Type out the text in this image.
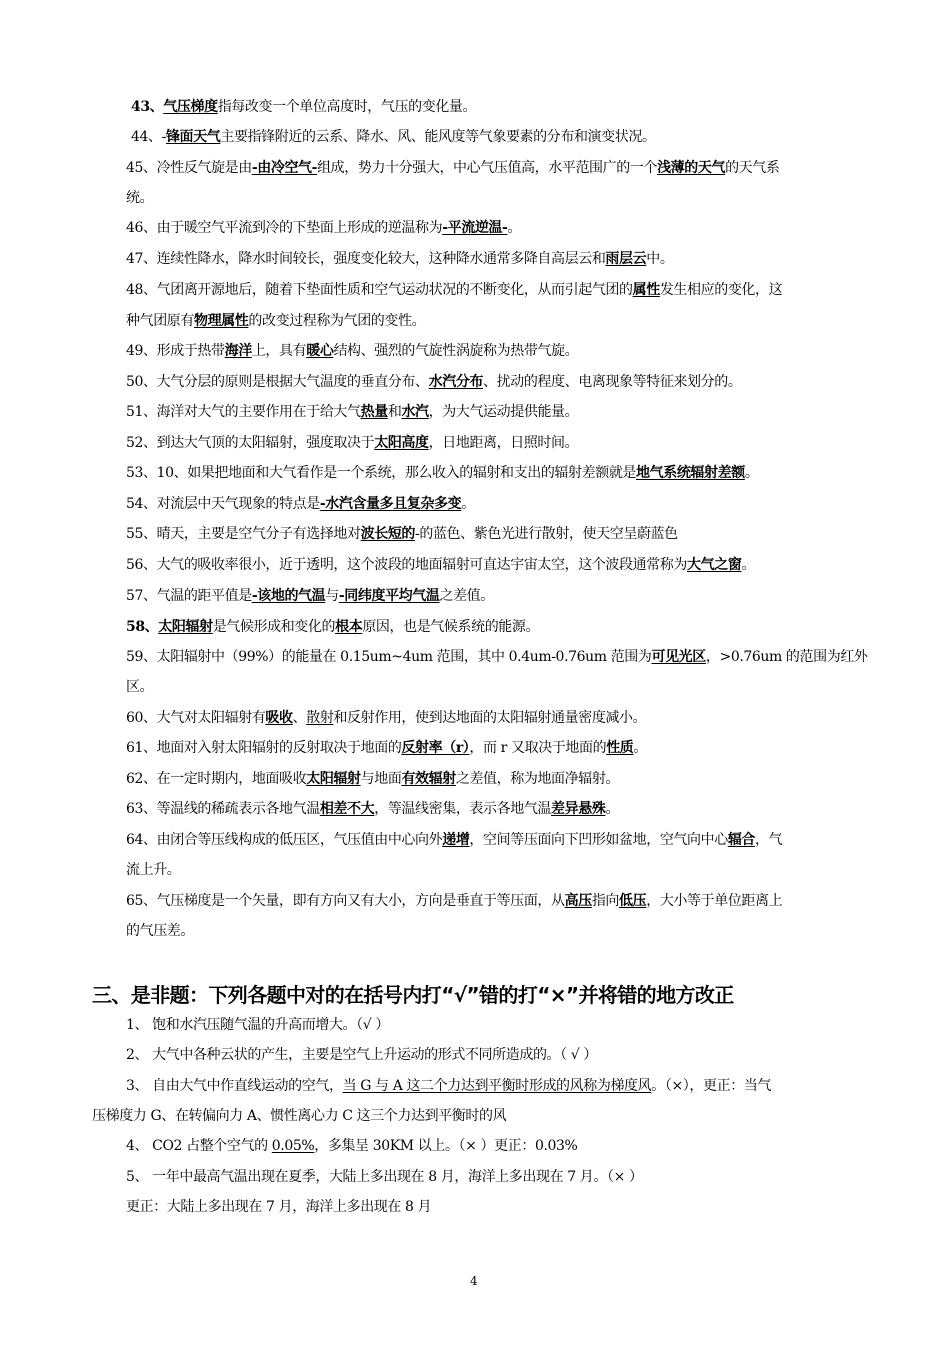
43、气压梯度指每改变一个单位高度时，气压的变化量。
44、-锋面天气主要指锋附近的云系、降水、风、能风度等气象要素的分布和演变状况。
45、冷性反气旋是由-由冷空气-组成，势力十分强大，中心气压值高，水平范围广的一个浅薄的天气的天气系
统。
46、由于暖空气平流到冷的下垫面上形成的逆温称为-平流逆温-。
47、连续性降水，降水时间较长，强度变化较大，这种降水通常多降自高层云和雨层云中。
48、气团离开源地后，随着下垫面性质和空气运动状况的不断变化，从而引起气团的属性发生相应的变化，这
种气团原有物理属性的改变过程称为气团的变性。
49、形成于热带海洋上，具有暖心结构、强烈的气旋性涡旋称为热带气旋。
50、大气分层的原则是根据大气温度的垂直分布、水汽分布、扰动的程度、电离现象等特征来划分的。
51、海洋对大气的主要作用在于给大气热量和水汽，为大气运动提供能量。
52、到达大气顶的太阳辐射，强度取决于太阳高度，日地距离，日照时间。
53、10、如果把地面和大气看作是一个系统，那么收入的辐射和支出的辐射差额就是地气系统辐射差额。
54、对流层中天气现象的特点是-水汽含量多且复杂多变。
55、晴天，主要是空气分子有选择地对波长短的-的蓝色、紫色光进行散射，使天空呈蔚蓝色
56、大气的吸收率很小，近于透明，这个波段的地面辐射可直达宇宙太空，这个波段通常称为大气之窗。
57、气温的距平值是-该地的气温与-同纬度平均气温之差值。
58、太阳辐射是气候形成和变化的根本原因，也是气候系统的能源。
59、太阳辐射中（99%）的能量在 0.15um~4um 范围，其中 0.4um-0.76um 范围为可见光区，>0.76um 的范围为红外
区。
60、大气对太阳辐射有吸收、散射和反射作用，使到达地面的太阳辐射通量密度减小。
61、地面对入射太阳辐射的反射取决于地面的反射率（r），而 r 又取决于地面的性质。
62、在一定时期内，地面吸收太阳辐射与地面有效辐射之差值，称为地面净辐射。
63、等温线的稀疏表示各地气温相差不大，等温线密集，表示各地气温差异悬殊。
64、由闭合等压线构成的低压区，气压值由中心向外递增，空间等压面向下凹形如盆地，空气向中心辐合，气
流上升。
65、气压梯度是一个矢量，即有方向又有大小，方向是垂直于等压面，从高压指向低压，大小等于单位距离上
的气压差。
三、是非题：下列各题中对的在括号内打“√”错的打“×”并将错的地方改正
1、 饱和水汽压随气温的升高而增大。（√ ）
2、 大气中各种云状的产生，主要是空气上升运动的形式不同所造成的。（ √ ）
3、 自由大气中作直线运动的空气，当 G 与 A 这二个力达到平衡时形成的风称为梯度风。（×），更正：当气
压梯度力 G、在转偏向力 A、惯性离心力 C 这三个力达到平衡时的风
4、 CO2 占整个空气的 0.05%，多集呈 30KM 以上。（× ）更正：0.03%
5、 一年中最高气温出现在夏季，大陆上多出现在 8 月，海洋上多出现在 7 月。（× ）
更正：大陆上多出现在 7 月，海洋上多出现在 8 月
4
